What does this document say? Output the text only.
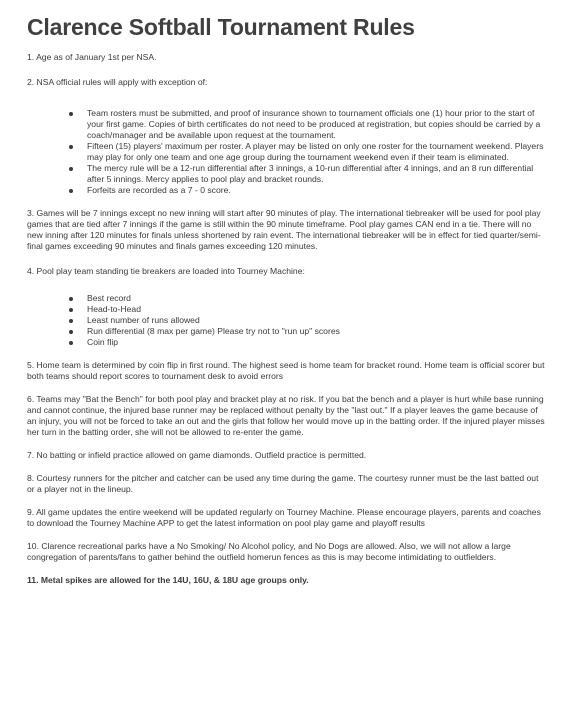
Clarence Softball Tournament Rules

1. Age as of January 1st per NSA.

2. NSA official rules will apply with exception of:

Team rosters must be submitted, and proof of insurance shown to tournament officials one (1) hour prior to the start of your first game. Copies of birth certificates do not need to be produced at registration, but copies should be carried by a coach/manager and be available upon request at the tournament.
Fifteen (15) players' maximum per roster. A player may be listed on only one roster for the tournament weekend. Players may play for only one team and one age group during the tournament weekend even if their team is eliminated.
The mercy rule will be a 12-run differential after 3 innings, a 10-run differential after 4 innings, and an 8 run differential after 5 innings. Mercy applies to pool play and bracket rounds.
Forfeits are recorded as a 7 - 0 score.

3. Games will be 7 innings except no new inning will start after 90 minutes of play. The international tiebreaker will be used for pool play games that are tied after 7 innings if the game is still within the 90 minute timeframe. Pool play games CAN end in a tie. There will no new inning after 120 minutes for finals unless shortened by rain event. The international tiebreaker will be in effect for tied quarter/semi-final games exceeding 90 minutes and finals games exceeding 120 minutes.

4. Pool play team standing tie breakers are loaded into Tourney Machine:

Best record
Head-to-Head
Least number of runs allowed
Run differential (8 max per game) Please try not to "run up" scores
Coin flip

5. Home team is determined by coin flip in first round. The highest seed is home team for bracket round. Home team is official scorer but both teams should report scores to tournament desk to avoid errors

6. Teams may "Bat the Bench" for both pool play and bracket play at no risk. If you bat the bench and a player is hurt while base running and cannot continue, the injured base runner may be replaced without penalty by the "last out." If a player leaves the game because of an injury, you will not be forced to take an out and the girls that follow her would move up in the batting order. If the injured player misses her turn in the batting order, she will not be allowed to re-enter the game.

7. No batting or infield practice allowed on game diamonds. Outfield practice is permitted.

8. Courtesy runners for the pitcher and catcher can be used any time during the game. The courtesy runner must be the last batted out or a player not in the lineup.

9. All game updates the entire weekend will be updated regularly on Tourney Machine. Please encourage players, parents and coaches to download the Tourney Machine APP to get the latest information on pool play game and playoff results

10. Clarence recreational parks have a No Smoking/ No Alcohol policy, and No Dogs are allowed. Also, we will not allow a large congregation of parents/fans to gather behind the outfield homerun fences as this is may become intimidating to outfielders.

11. Metal spikes are allowed for the 14U, 16U, & 18U age groups only.
